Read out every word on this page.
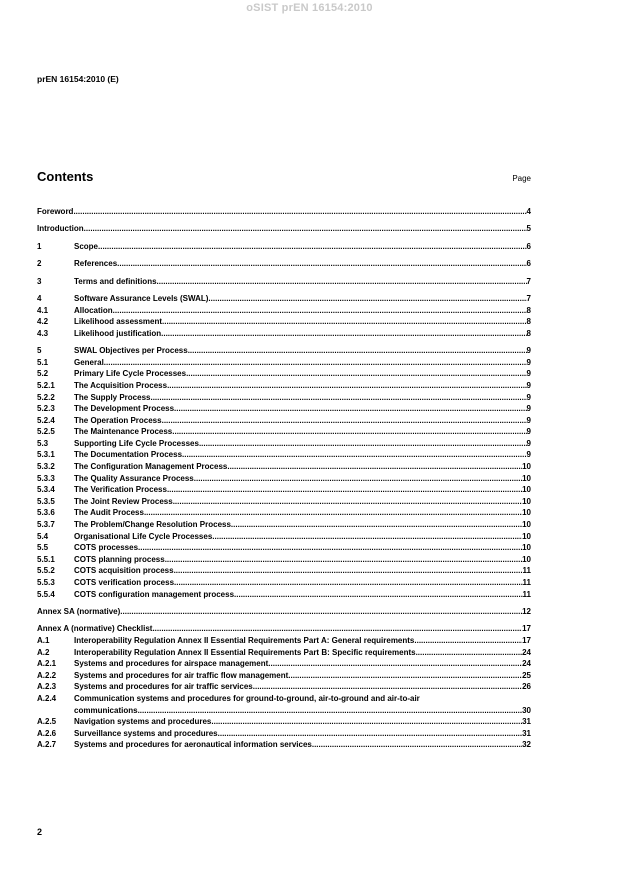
oSIST prEN 16154:2010
prEN 16154:2010 (E)
Contents	Page
Foreword .....	4
Introduction .....	5
1	Scope .....	6
2	References .....	6
3	Terms and definitions .....	7
4	Software Assurance Levels (SWAL) .....	7
4.1	Allocation .....	8
4.2	Likelihood assessment .....	8
4.3	Likelihood justification .....	8
5	SWAL Objectives per Process .....	9
5.1	General .....	9
5.2	Primary Life Cycle Processes .....	9
5.2.1	The Acquisition Process .....	9
5.2.2	The Supply Process .....	9
5.2.3	The Development Process .....	9
5.2.4	The Operation Process .....	9
5.2.5	The Maintenance Process .....	9
5.3	Supporting Life Cycle Processes .....	9
5.3.1	The Documentation Process .....	9
5.3.2	The Configuration Management Process .....	10
5.3.3	The Quality Assurance Process .....	10
5.3.4	The Verification Process .....	10
5.3.5	The Joint Review Process .....	10
5.3.6	The Audit Process .....	10
5.3.7	The Problem/Change Resolution Process .....	10
5.4	Organisational Life Cycle Processes .....	10
5.5	COTS processes .....	10
5.5.1	COTS planning process .....	10
5.5.2	COTS acquisition process .....	11
5.5.3	COTS verification process .....	11
5.5.4	COTS configuration management process .....	11
Annex SA (normative) .....	12
Annex A (normative) Checklist .....	17
A.1	Interoperability Regulation Annex II Essential Requirements Part A: General requirements .....	17
A.2	Interoperability Regulation Annex II Essential Requirements Part B: Specific requirements .....	24
A.2.1	Systems and procedures for airspace management .....	24
A.2.2	Systems and procedures for air traffic flow management .....	25
A.2.3	Systems and procedures for air traffic services .....	26
A.2.4	Communication systems and procedures for ground-to-ground, air-to-ground and air-to-air
communications .....	30
A.2.5	Navigation systems and procedures .....	31
A.2.6	Surveillance systems and procedures .....	31
A.2.7	Systems and procedures for aeronautical information services .....	32
2
